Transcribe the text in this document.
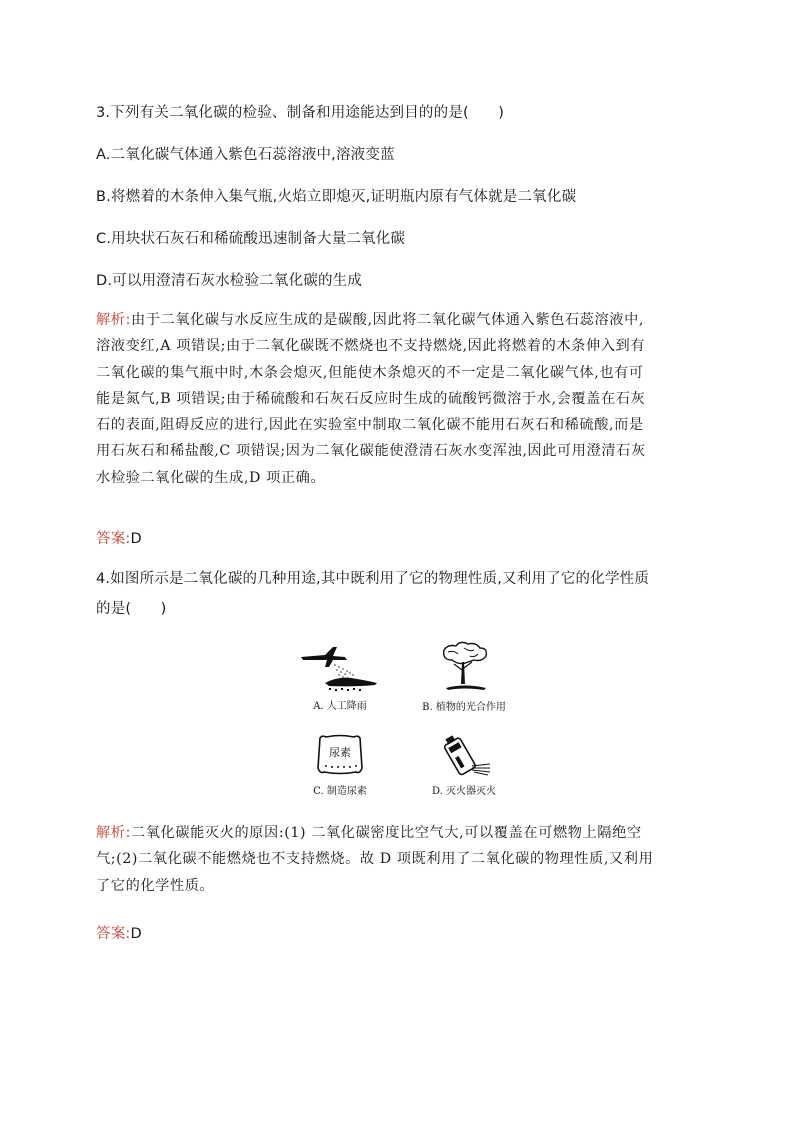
3.下列有关二氧化碳的检验、制备和用途能达到目的的是(　　)
A.二氧化碳气体通入紫色石蕊溶液中,溶液变蓝
B.将燃着的木条伸入集气瓶,火焰立即熄灭,证明瓶内原有气体就是二氧化碳
C.用块状石灰石和稀硫酸迅速制备大量二氧化碳
D.可以用澄清石灰水检验二氧化碳的生成

解析:由于二氧化碳与水反应生成的是碳酸,因此将二氧化碳气体通入紫色石蕊溶液中,

溶液变红,A 项错误;由于二氧化碳既不燃烧也不支持燃烧,因此将燃着的木条伸入到有

二氧化碳的集气瓶中时,木条会熄灭,但能使木条熄灭的不一定是二氧化碳气体,也有可

能是氮气,B 项错误;由于稀硫酸和石灰石反应时生成的硫酸钙微溶于水,会覆盖在石灰

石的表面,阻碍反应的进行,因此在实验室中制取二氧化碳不能用石灰石和稀硫酸,而是

用石灰石和稀盐酸,C 项错误;因为二氧化碳能使澄清石灰水变浑浊,因此可用澄清石灰

水检验二氧化碳的生成,D 项正确。

答案:D
4.如图所示是二氧化碳的几种用途,其中既利用了它的物理性质,又利用了它的化学性质
的是(　　)
A. 人工降雨	B. 植物的光合作用
尿素
C. 制造尿素	D. 灭火器灭火

解析:二氧化碳能灭火的原因:(1) 二氧化碳密度比空气大,可以覆盖在可燃物上隔绝空

气;(2)二氧化碳不能燃烧也不支持燃烧。故 D 项既利用了二氧化碳的物理性质,又利用

了它的化学性质。

答案:D
